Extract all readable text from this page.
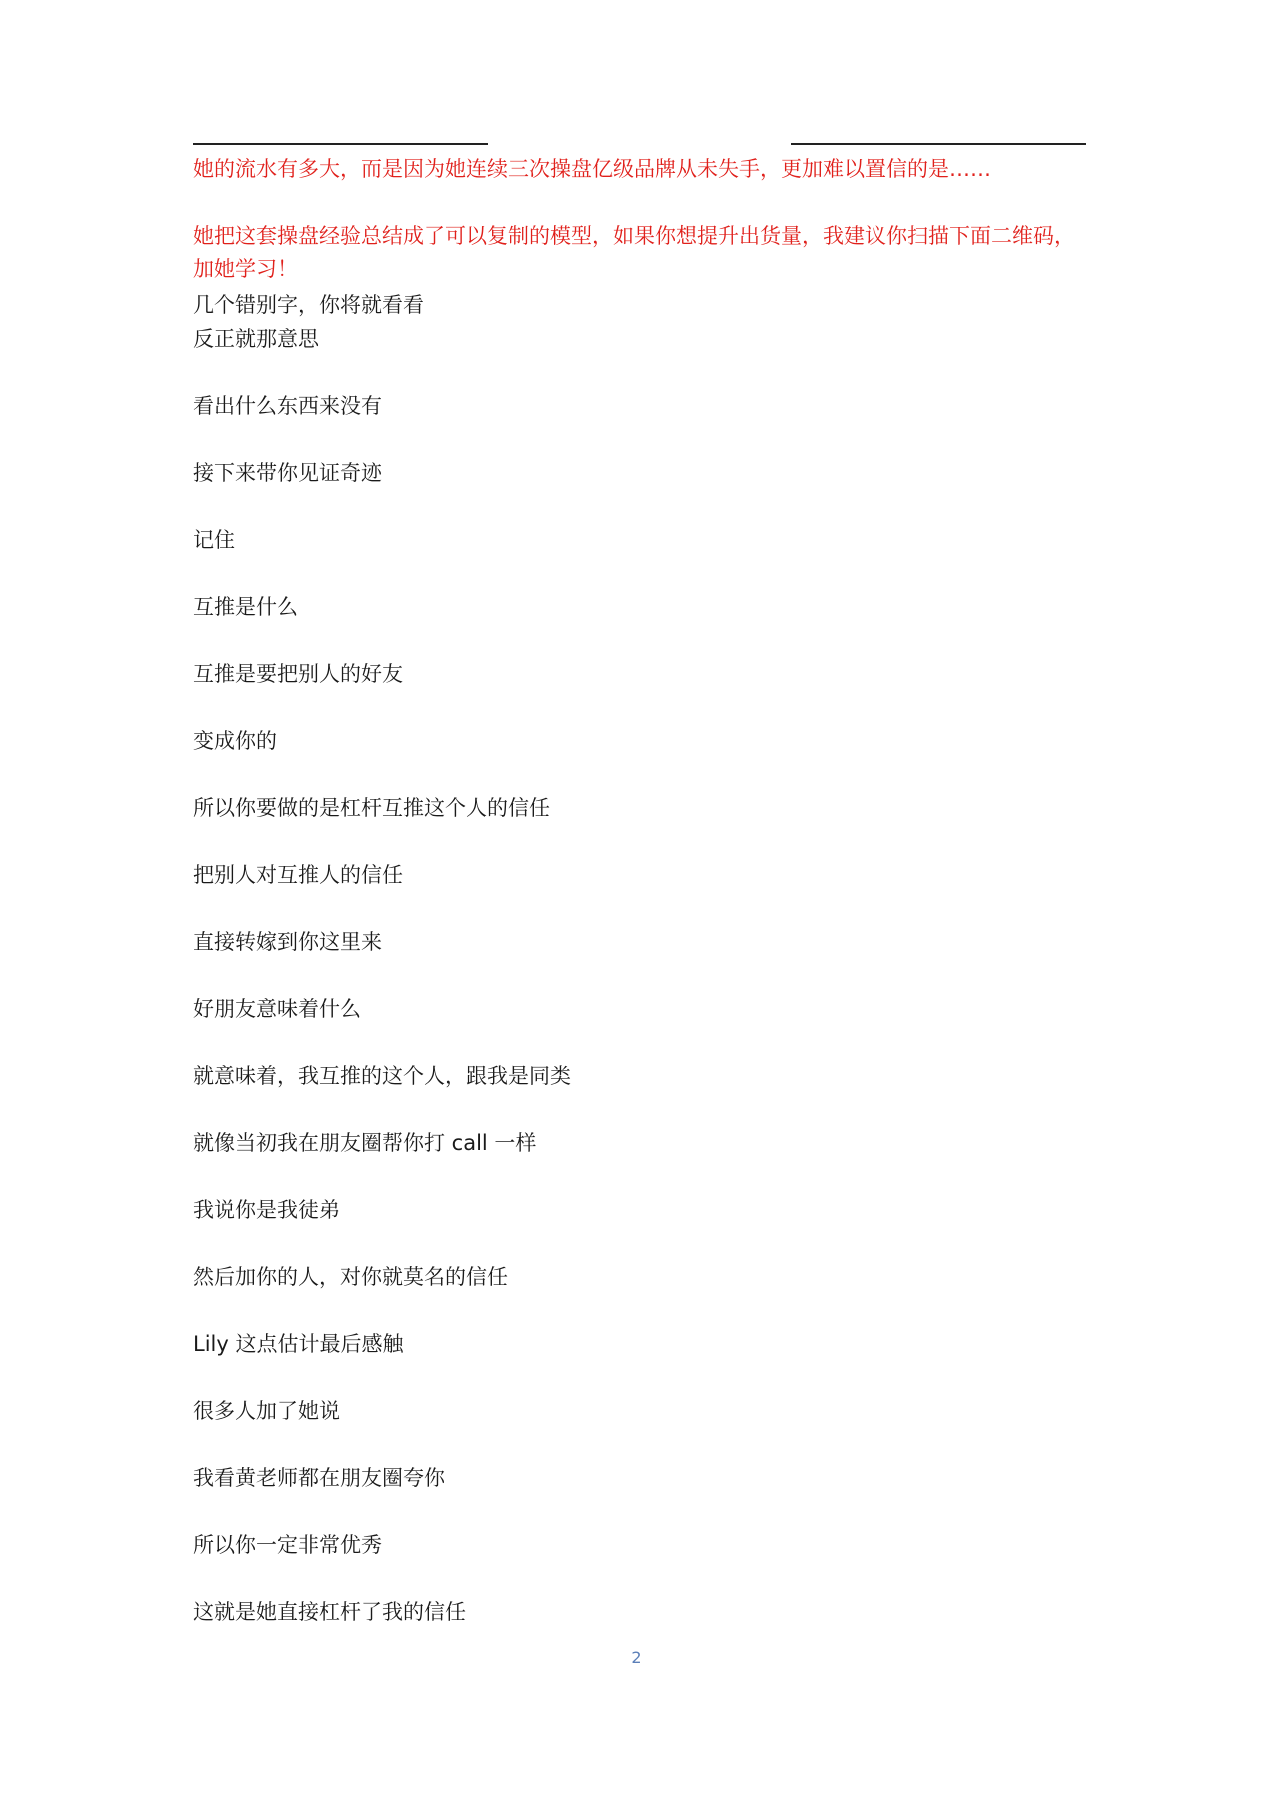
她的流水有多大，而是因为她连续三次操盘亿级品牌从未失手，更加难以置信的是……

她把这套操盘经验总结成了可以复制的模型，如果你想提升出货量，我建议你扫描下面二维码，加她学习！

几个错别字，你将就看看

反正就那意思

看出什么东西来没有

接下来带你见证奇迹

记住

互推是什么

互推是要把别人的好友

变成你的

所以你要做的是杠杆互推这个人的信任

把别人对互推人的信任

直接转嫁到你这里来

好朋友意味着什么

就意味着，我互推的这个人，跟我是同类

就像当初我在朋友圈帮你打 call 一样

我说你是我徒弟

然后加你的人，对你就莫名的信任

Lily 这点估计最后感触

很多人加了她说

我看黄老师都在朋友圈夸你

所以你一定非常优秀

这就是她直接杠杆了我的信任

2
